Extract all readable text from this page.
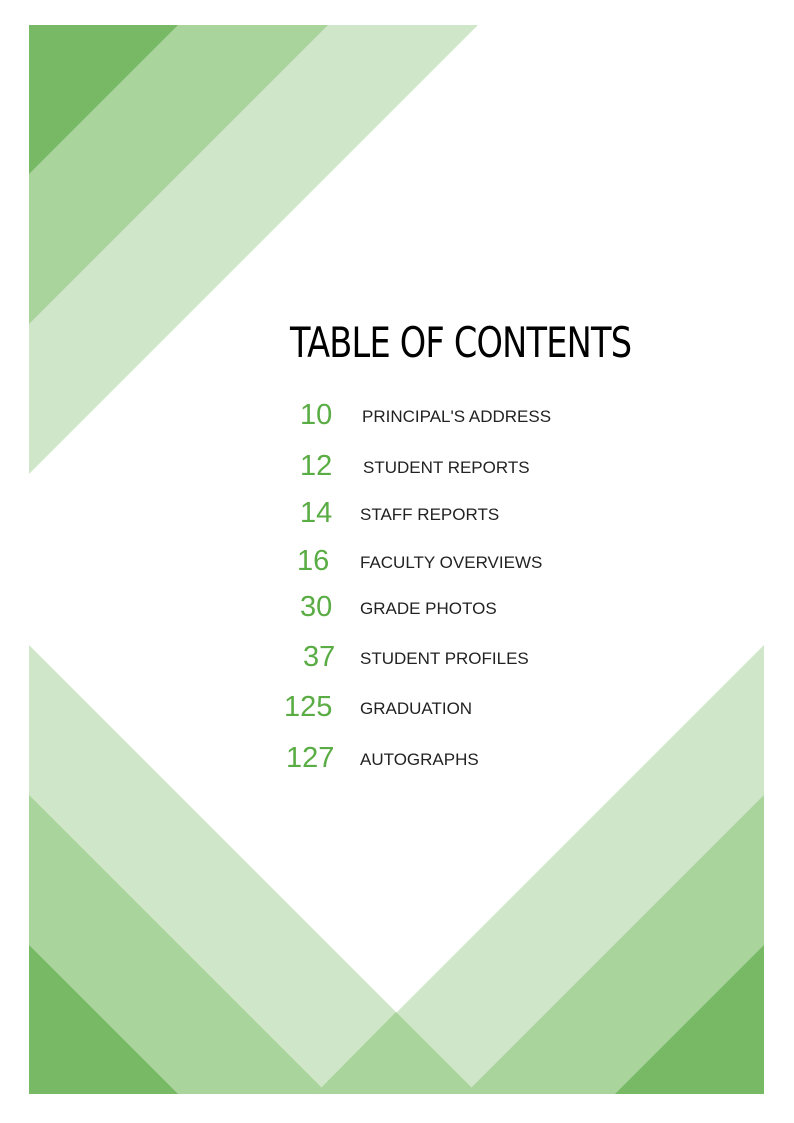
TABLE OF CONTENTS
10 PRINCIPAL'S ADDRESS
12 STUDENT REPORTS
14 STAFF REPORTS
16 FACULTY OVERVIEWS
30 GRADE PHOTOS
37 STUDENT PROFILES
125 GRADUATION
127 AUTOGRAPHS
